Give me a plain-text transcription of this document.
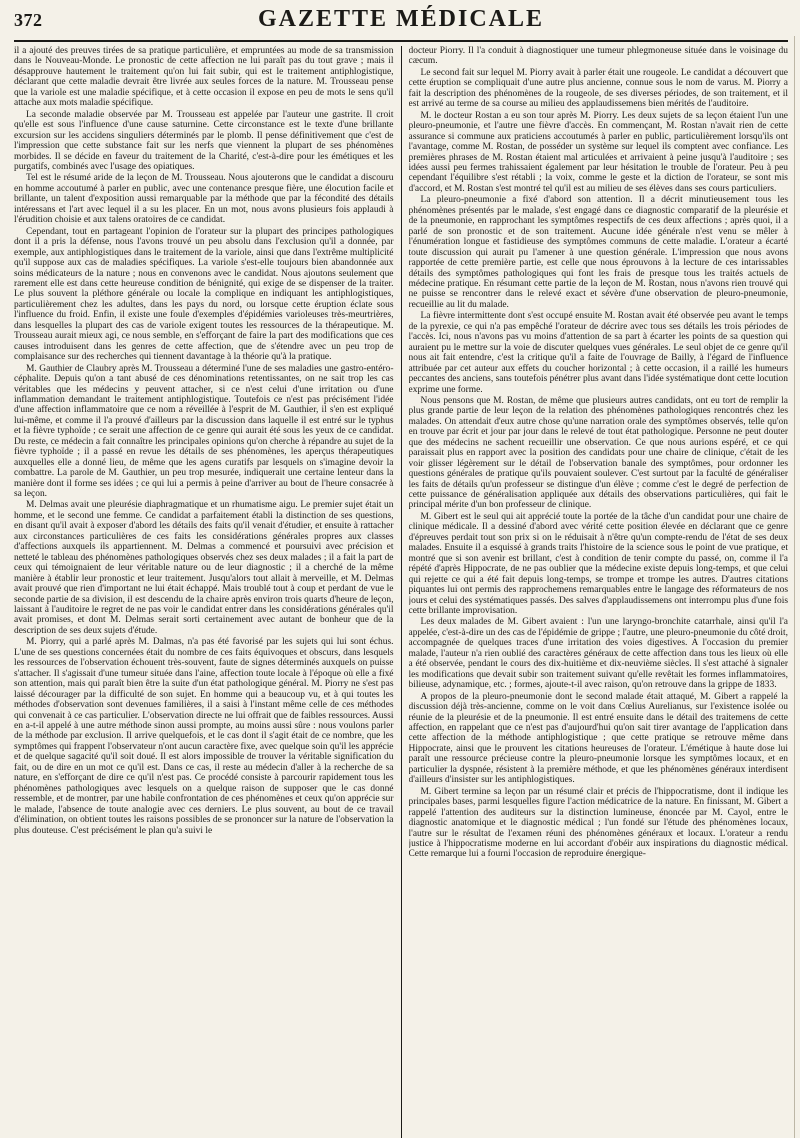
372	GAZETTE MÉDICALE

il a ajouté des preuves tirées de sa pratique particulière, et empruntées au mode de sa transmission dans le Nouveau-Monde. Le pronostic de cette affection ne lui paraît pas du tout grave ; mais il désapprouve hautement le traitement qu'on lui fait subir, qui est le traitement antiphlogistique, déclarant que cette maladie devrait être livrée aux seules forces de la nature. M. Trousseau pense que la variole est une maladie spécifique, et à cette occasion il expose en peu de mots le sens qu'il attache aux mots maladie spécifique.

La seconde maladie observée par M. Trousseau est appelée par l'auteur une gastrite. Il croit qu'elle est sous l'influence d'une cause saturnine. Cette circonstance est le texte d'une brillante excursion sur les accidens singuliers déterminés par le plomb. Il pense définitivement que c'est de l'impression que cette substance fait sur les nerfs que viennent la plupart de ses phénomènes morbides. Il se décide en faveur du traitement de la Charité, c'est-à-dire pour les émétiques et les purgatifs, combinés avec l'usage des opiatiques.

Tel est le résumé aride de la leçon de M. Trousseau. Nous ajouterons que le candidat a discouru en homme accoutumé à parler en public, avec une contenance presque fière, une élocution facile et brillante, un talent d'exposition aussi remarquable par la méthode que par la fécondité des détails intéressans et l'art avec lequel il a su les placer. En un mot, nous avons plusieurs fois applaudi à l'érudition choisie et aux talens oratoires de ce candidat.

Cependant, tout en partageant l'opinion de l'orateur sur la plupart des principes pathologiques dont il a pris la défense, nous l'avons trouvé un peu absolu dans l'exclusion qu'il a donnée, par exemple, aux antiphlogistiques dans le traitement de la variole, ainsi que dans l'extrême multiplicité qu'il suppose aux cas de maladies spécifiques. La variole s'est-elle toujours bien abandonnée aux soins médicateurs de la nature ; nous en convenons avec le candidat. Nous ajoutons seulement que rarement elle est dans cette heureuse condition de bénignité, qui exige de se dispenser de la traiter. Le plus souvent la pléthore générale ou locale la complique en indiquant les antiphlogistiques, particulièrement chez les adultes, dans les pays du nord, ou lorsque cette éruption éclate sous l'influence du froid. Enfin, il existe une foule d'exemples d'épidémies varioleuses très-meurtrières, dans lesquelles la plupart des cas de variole exigent toutes les ressources de la thérapeutique. M. Trousseau aurait mieux agi, ce nous semble, en s'efforçant de faire la part des modifications que ces causes introduisent dans les genres de cette affection, que de s'étendre avec un peu trop de complaisance sur des recherches qui tiennent davantage à la théorie qu'à la pratique.

M. Gauthier de Claubry après M. Trousseau a déterminé l'une de ses maladies une gastro-entéro-céphalite. Depuis qu'on a tant abusé de ces dénominations retentissantes, on ne sait trop les cas véritables que les médecins y peuvent attacher, si ce n'est celui d'une irritation ou d'une inflammation demandant le traitement antiphlogistique. Toutefois ce n'est pas précisément l'idée d'une affection inflammatoire que ce nom a réveillée à l'esprit de M. Gauthier, il s'en est expliqué lui-même, et comme il l'a prouvé d'ailleurs par la discussion dans laquelle il est entré sur le typhus et la fièvre typhoïde ; ce serait une affection de ce genre qui aurait été sous les yeux de ce candidat. Du reste, ce médecin a fait connaître les principales opinions qu'on cherche à répandre au sujet de la fièvre typhoïde ; il a passé en revue les détails de ses phénomènes, les aperçus thérapeutiques auxquelles elle a donné lieu, de même que les agens curatifs par lesquels on s'imagine devoir la combattre. La parole de M. Gauthier, un peu trop mesurée, indiquerait une certaine lenteur dans la manière dont il forme ses idées ; ce qui lui a permis à peine d'arriver au bout de l'heure consacrée à sa leçon.

M. Delmas avait une pleurésie diaphragmatique et un rhumatisme aigu. Le premier sujet était un homme, et le second une femme. Ce candidat a parfaitement établi la distinction de ses questions, en disant qu'il avait à exposer d'abord les détails des faits qu'il venait d'étudier, et ensuite à rattacher aux circonstances particulières de ces faits les considérations générales propres aux classes d'affections auxquels ils appartiennent. M. Delmas a commencé et poursuivi avec précision et netteté le tableau des phénomènes pathologiques observés chez ses deux malades ; il a fait la part de ceux qui témoignaient de leur véritable nature ou de leur diagnostic ; il a cherché de la même manière à établir leur pronostic et leur traitement. Jusqu'alors tout allait à merveille, et M. Delmas avait prouvé que rien d'important ne lui était échappé. Mais troublé tout à coup et perdant de vue le seconde partie de sa division, il est descendu de la chaire après environ trois quarts d'heure de leçon, laissant à l'auditoire le regret de ne pas voir le candidat entrer dans les considérations générales qu'il avait promises, et dont M. Delmas serait sorti certainement avec autant de bonheur que de la description de ses deux sujets d'étude.

M. Piorry, qui a parlé après M. Dalmas, n'a pas été favorisé par les sujets qui lui sont échus. L'une de ses questions concernées était du nombre de ces faits équivoques et obscurs, dans lesquels les ressources de l'observation échouent très-souvent, faute de signes déterminés auxquels on puisse s'attacher. Il s'agissait d'une tumeur située dans l'aine, affection toute locale à l'époque où elle a fixé son attention, mais qui paraît bien être la suite d'un état pathologique général. M. Piorry ne s'est pas laissé décourager par la difficulté de son sujet. En homme qui a beaucoup vu, et à qui toutes les méthodes d'observation sont devenues familières, il a saisi à l'instant même celle de ces méthodes qui convenait à ce cas particulier. L'observation directe ne lui offrait que de faibles ressources. Aussi en a-t-il appelé à une autre méthode sinon aussi prompte, au moins aussi sûre : nous voulons parler de la méthode par exclusion. Il arrive quelquefois, et le cas dont il s'agit était de ce nombre, que les symptômes qui frappent l'observateur n'ont aucun caractère fixe, avec quelque soin qu'il les apprécie et de quelque sagacité qu'il soit doué. Il est alors impossible de trouver la véritable signification du fait, ou de dire en un mot ce qu'il est. Dans ce cas, il reste au médecin d'aller à la recherche de sa nature, en s'efforçant de dire ce qu'il n'est pas. Ce procédé consiste à parcourir rapidement tous les phénomènes pathologiques avec lesquels on a quelque raison de supposer que le cas donné ressemble, et de montrer, par une habile confrontation de ces phénomènes et ceux qu'on apprécie sur le malade, l'absence de toute analogie avec ces derniers. Le plus souvent, au bout de ce travail d'élimination, on obtient toutes les raisons possibles de se prononcer sur la nature de l'observation la plus douteuse. C'est précisément le plan qu'a suivi le

docteur Piorry. Il l'a conduit à diagnostiquer une tumeur phlegmoneuse située dans le voisinage du cæcum.

Le second fait sur lequel M. Piorry avait à parler était une rougeole. Le candidat a découvert que cette éruption se compliquait d'une autre plus ancienne, connue sous le nom de varus. M. Piorry a fait la description des phénomènes de la rougeole, de ses diverses périodes, de son traitement, et il est arrivé au terme de sa course au milieu des applaudissemens bien mérités de l'auditoire.

M. le docteur Rostan a eu son tour après M. Piorry. Les deux sujets de sa leçon étaient l'un une pleuro-pneumonie, et l'autre une fièvre d'accès. En commençant, M. Rostan n'avait rien de cette assurance si commune aux praticiens accoutumés à parler en public, particulièrement lorsqu'ils ont l'avantage, comme M. Rostan, de posséder un système sur lequel ils comptent avec confiance. Les premières phrases de M. Rostan étaient mal articulées et arrivaient à peine jusqu'à l'auditoire ; ses idées aussi peu fermes trahissaient également par leur hésitation le trouble de l'orateur. Peu à peu cependant l'équilibre s'est rétabli ; la voix, comme le geste et la diction de l'orateur, se sont mis d'accord, et M. Rostan s'est montré tel qu'il est au milieu de ses élèves dans ses cours particuliers.

La pleuro-pneumonie a fixé d'abord son attention. Il a décrit minutieusement tous les phénomènes présentés par le malade, s'est engagé dans ce diagnostic comparatif de la pleurésie et de la pneumonie, en rapprochant les symptômes respectifs de ces deux affections ; après quoi, il a parlé de son pronostic et de son traitement. Aucune idée générale n'est venu se mêler à l'énumération longue et fastidieuse des symptômes communs de cette maladie. L'orateur a écarté toute discussion qui aurait pu l'amener à une question générale. L'impression que nous avons rapportée de cette première partie, est celle que nous éprouvons à la lecture de ces intarissables détails des symptômes pathologiques qui font les frais de presque tous les traités actuels de médecine pratique. En résumant cette partie de la leçon de M. Rostan, nous n'avons rien trouvé qui ne puisse se rencontrer dans le relevé exact et sévère d'une observation de pleuro-pneumonie, recueillie au lit du malade.

La fièvre intermittente dont s'est occupé ensuite M. Rostan avait été observée peu avant le temps de la pyrexie, ce qui n'a pas empêché l'orateur de décrire avec tous ses détails les trois périodes de l'accès. Ici, nous n'avons pas vu moins d'attention de sa part à écarter les points de sa question qui auraient pu le mettre sur la voie de discuter quelques vues générales. Le seul objet de ce genre qu'il nous ait fait entendre, c'est la critique qu'il a faite de l'ouvrage de Bailly, à l'égard de l'influence attribuée par cet auteur aux effets du coucher horizontal ; à cette occasion, il a raillé les humeurs peccantes des anciens, sans toutefois pénétrer plus avant dans l'idée systématique dont cette locution exprime une forme.

Nous pensons que M. Rostan, de même que plusieurs autres candidats, ont eu tort de remplir la plus grande partie de leur leçon de la relation des phénomènes pathologiques rencontrés chez les malades. On attendait d'eux autre chose qu'une narration orale des symptômes observés, telle qu'on en trouve par écrit et jour par jour dans le relevé de tout état pathologique. Personne ne peut douter que des médecins ne sachent recueillir une observation. Ce que nous aurions espéré, et ce qui paraissait plus en rapport avec la position des candidats pour une chaire de clinique, c'était de les voir glisser légèrement sur le détail de l'observation banale des symptômes, pour ordonner les questions générales de pratique qu'ils pouvaient soulever. C'est surtout par la faculté de généraliser les faits de détails qu'un professeur se distingue d'un élève ; comme c'est le degré de perfection de cette puissance de généralisation appliquée aux détails des observations particulières, qui fait le principal mérite d'un bon professeur de clinique.

M. Gibert est le seul qui ait apprécié toute la portée de la tâche d'un candidat pour une chaire de clinique médicale. Il a dessiné d'abord avec vérité cette position élevée en déclarant que ce genre d'épreuves perdait tout son prix si on le réduisait à n'être qu'un compte-rendu de l'état de ses deux malades. Ensuite il a esquissé à grands traits l'histoire de la science sous le point de vue pratique, et montré que si son avenir est brillant, c'est à condition de tenir compte du passé, on, comme il l'a répété d'après Hippocrate, de ne pas oublier que la médecine existe depuis long-temps, et que celui qui rejette ce qui a été fait depuis long-temps, se trompe et trompe les autres. D'autres citations piquantes lui ont permis des rapprochemens remarquables entre le langage des réformateurs de nos jours et celui des systématiques passés. Des salves d'applaudissemens ont interrompu plus d'une fois cette brillante improvisation.

Les deux malades de M. Gibert avaient : l'un une laryngo-bronchite catarrhale, ainsi qu'il l'a appelée, c'est-à-dire un des cas de l'épidémie de grippe ; l'autre, une pleuro-pneumonie du côté droit, accompagnée de quelques traces d'une irritation des voies digestives. A l'occasion du premier malade, l'auteur n'a rien oublié des caractères généraux de cette affection dans tous les lieux où elle a été observée, pendant le cours des dix-huitième et dix-neuvième siècles. Il s'est attaché à signaler les modifications que devait subir son traitement suivant qu'elle revêtait les formes inflammatoires, bilieuse, adynamique, etc. ; formes, ajoute-t-il avec raison, qu'on retrouve dans la grippe de 1833.

A propos de la pleuro-pneumonie dont le second malade était attaqué, M. Gibert a rappelé la discussion déjà très-ancienne, comme on le voit dans Cœlius Aurelianus, sur l'existence isolée ou réunie de la pleurésie et de la pneumonie. Il est entré ensuite dans le détail des traitemens de cette affection, en rappelant que ce n'est pas d'aujourd'hui qu'on sait tirer avantage de l'application dans cette affection de la méthode antiphlogistique ; que cette pratique se retrouve même dans Hippocrate, ainsi que le prouvent les citations heureuses de l'orateur. L'émétique à haute dose lui paraît une ressource précieuse contre la pleuro-pneumonie lorsque les symptômes locaux, et en particulier la dyspnée, résistent à la première méthode, et que les phénomènes généraux interdisent d'ailleurs d'insister sur les antiphlogistiques.

M. Gibert termine sa leçon par un résumé clair et précis de l'hippocratisme, dont il indique les principales bases, parmi lesquelles figure l'action médicatrice de la nature. En finissant, M. Gibert a rappelé l'attention des auditeurs sur la distinction lumineuse, énoncée par M. Cayol, entre le diagnostic anatomique et le diagnostic médical ; l'un fondé sur l'étude des phénomènes locaux, l'autre sur le résultat de l'examen réuni des phénomènes généraux et locaux. L'orateur a rendu justice à l'hippocratisme moderne en lui accordant d'obéir aux inspirations du diagnostic médical. Cette remarque lui a fourni l'occasion de reproduire énergique-
